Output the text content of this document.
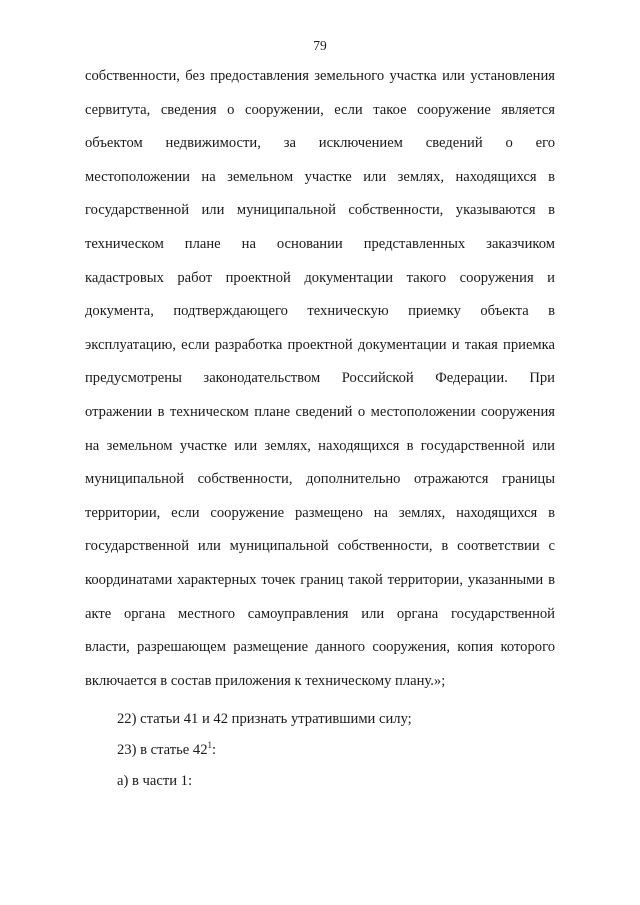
79
собственности, без предоставления земельного участка или установления
сервитута, сведения о сооружении, если такое сооружение является
объектом недвижимости, за исключением сведений о его
местоположении на земельном участке или землях, находящихся в
государственной или муниципальной собственности, указываются в
техническом плане на основании представленных заказчиком
кадастровых работ проектной документации такого сооружения и
документа, подтверждающего техническую приемку объекта в
эксплуатацию, если разработка проектной документации и такая приемка
предусмотрены законодательством Российской Федерации. При
отражении в техническом плане сведений о местоположении сооружения
на земельном участке или землях, находящихся в государственной или
муниципальной собственности, дополнительно отражаются границы
территории, если сооружение размещено на землях, находящихся в
государственной или муниципальной собственности, в соответствии с
координатами характерных точек границ такой территории, указанными в
акте органа местного самоуправления или органа государственной
власти, разрешающем размещение данного сооружения, копия которого
включается в состав приложения к техническому плану.»;
22) статьи 41 и 42 признать утратившими силу;
23) в статье $42^1$:
а) в части 1:
